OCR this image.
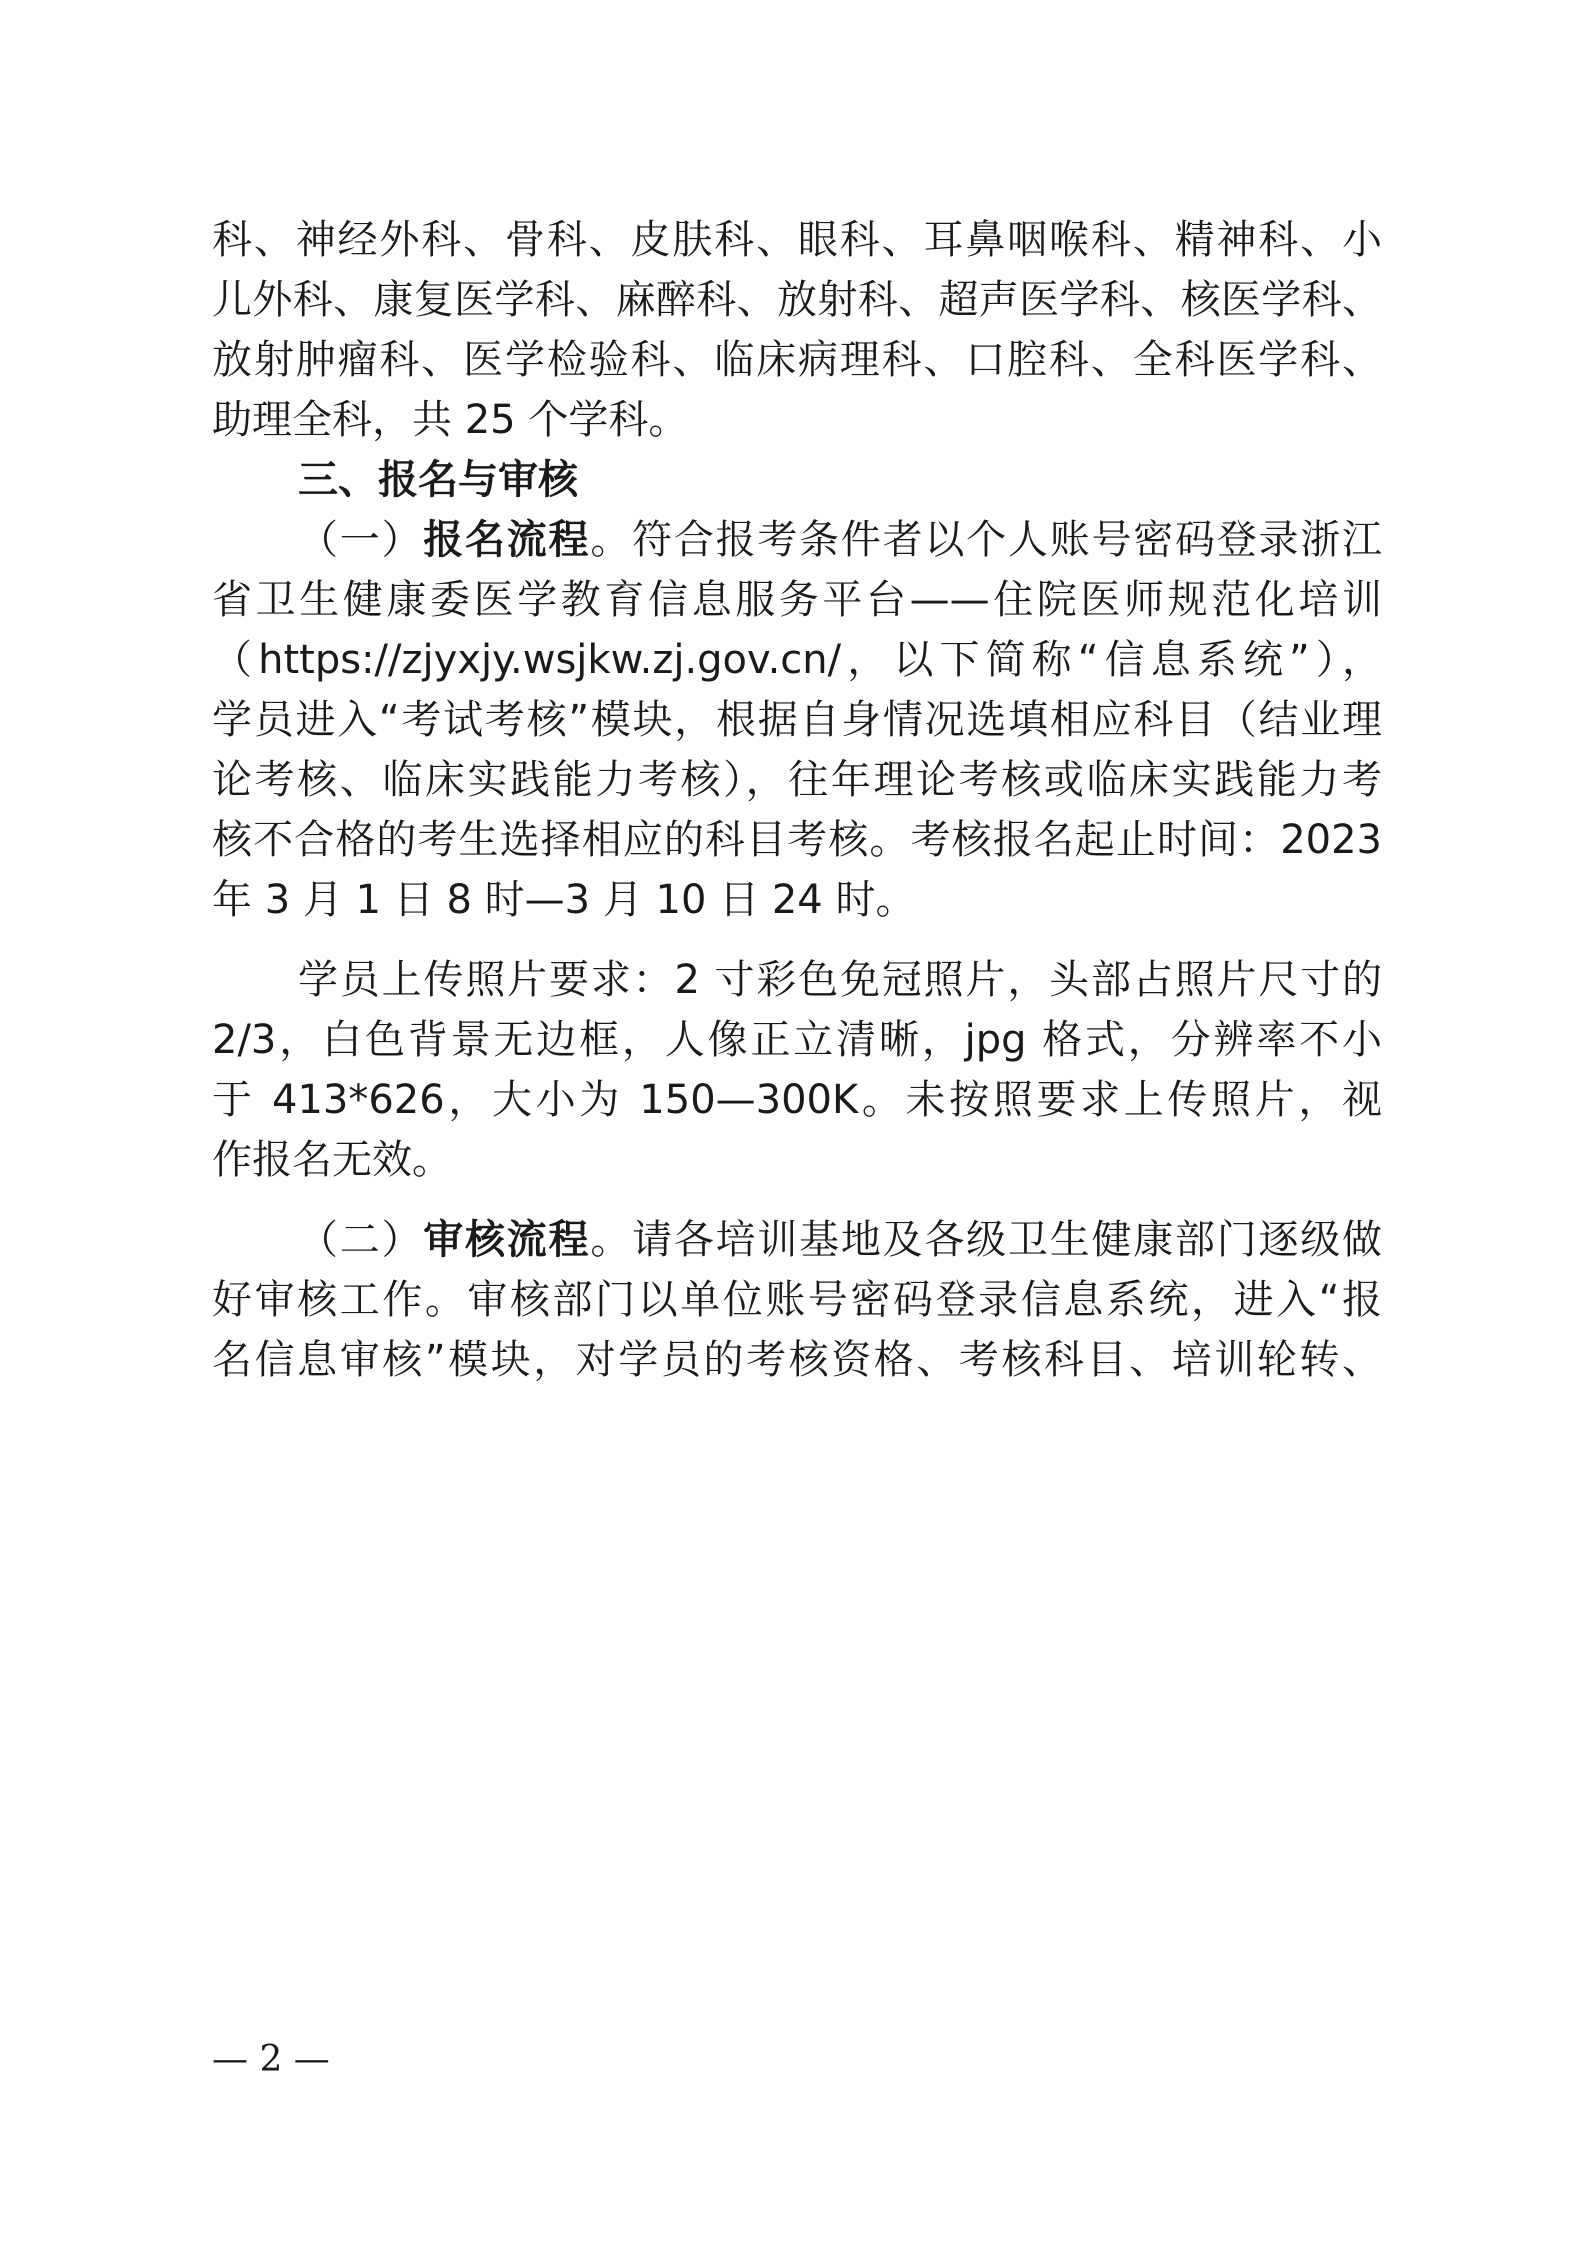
科、神经外科、骨科、皮肤科、眼科、耳鼻咽喉科、精神科、小
儿外科、康复医学科、麻醉科、放射科、超声医学科、核医学科、
放射肿瘤科、医学检验科、临床病理科、口腔科、全科医学科、
助理全科，共 25 个学科。
三、报名与审核
（一）报名流程。符合报考条件者以个人账号密码登录浙江
省卫生健康委医学教育信息服务平台——住院医师规范化培训
（https://zjyxjy.wsjkw.zj.gov.cn/，以下简称“信息系统”），
学员进入“考试考核”模块，根据自身情况选填相应科目（结业理
论考核、临床实践能力考核），往年理论考核或临床实践能力考
核不合格的考生选择相应的科目考核。考核报名起止时间：2023
年 3 月 1 日 8 时—3 月 10 日 24 时。
学员上传照片要求：2 寸彩色免冠照片，头部占照片尺寸的
2/3，白色背景无边框，人像正立清晰，jpg 格式，分辨率不小
于 413*626，大小为 150—300K。未按照要求上传照片，视
作报名无效。
（二）审核流程。请各培训基地及各级卫生健康部门逐级做
好审核工作。审核部门以单位账号密码登录信息系统，进入“报
名信息审核”模块，对学员的考核资格、考核科目、培训轮转、
— 2 —
